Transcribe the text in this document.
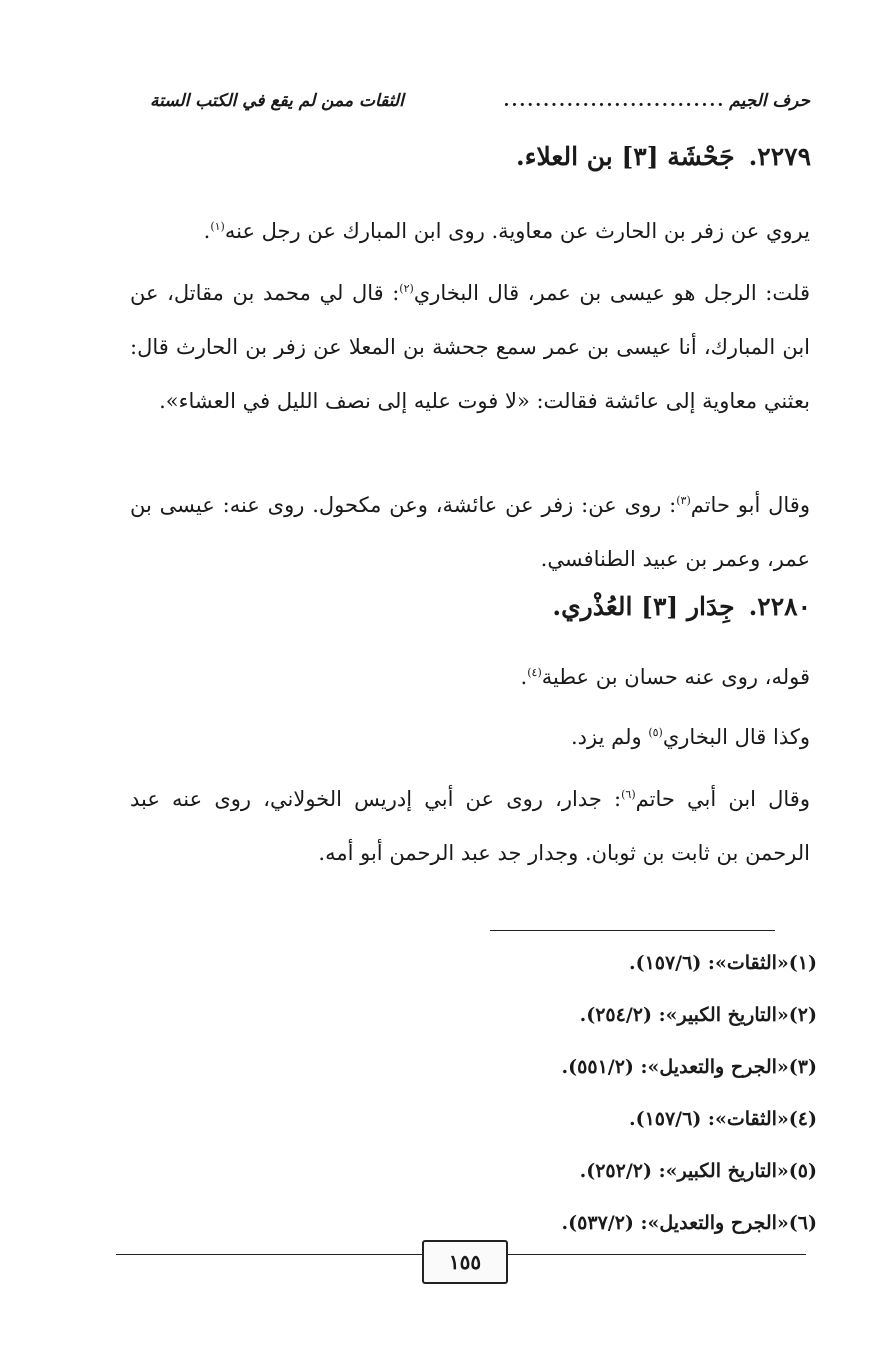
حرف الجيم
............................
الثقات ممن لم يقع في الكتب الستة
٢٢٧٩.جَحْشَة [٣] بن العلاء.
يروي عن زفر بن الحارث عن معاوية. روى ابن المبارك عن رجل عنه$^{(١)}$.
قلت: الرجل هو عيسى بن عمر، قال البخاري$^{(٢)}$: قال لي محمد بن مقاتل، عن ابن المبارك، أنا عيسى بن عمر سمع جحشة بن المعلا عن زفر بن الحارث قال: بعثني معاوية إلى عائشة فقالت: «لا فوت عليه إلى نصف الليل في العشاء».
وقال أبو حاتم$^{(٣)}$: روى عن: زفر عن عائشة، وعن مكحول. روى عنه: عيسى بن عمر، وعمر بن عبيد الطنافسي.
٢٢٨٠.جِدَار [٣] العُذْري.
قوله، روى عنه حسان بن عطية$^{(٤)}$.
وكذا قال البخاري$^{(٥)}$ ولم يزد.
وقال ابن أبي حاتم$^{(٦)}$: جدار، روى عن أبي إدريس الخولاني، روى عنه عبد الرحمن بن ثابت بن ثوبان. وجدار جد عبد الرحمن أبو أمه.
(١)«الثقات»: (١٥٧/٦).
(٢)«التاريخ الكبير»: (٢٥٤/٢).
(٣)«الجرح والتعديل»: (٥٥١/٢).
(٤)«الثقات»: (١٥٧/٦).
(٥)«التاريخ الكبير»: (٢٥٢/٢).
(٦)«الجرح والتعديل»: (٥٣٧/٢).
١٥٥
